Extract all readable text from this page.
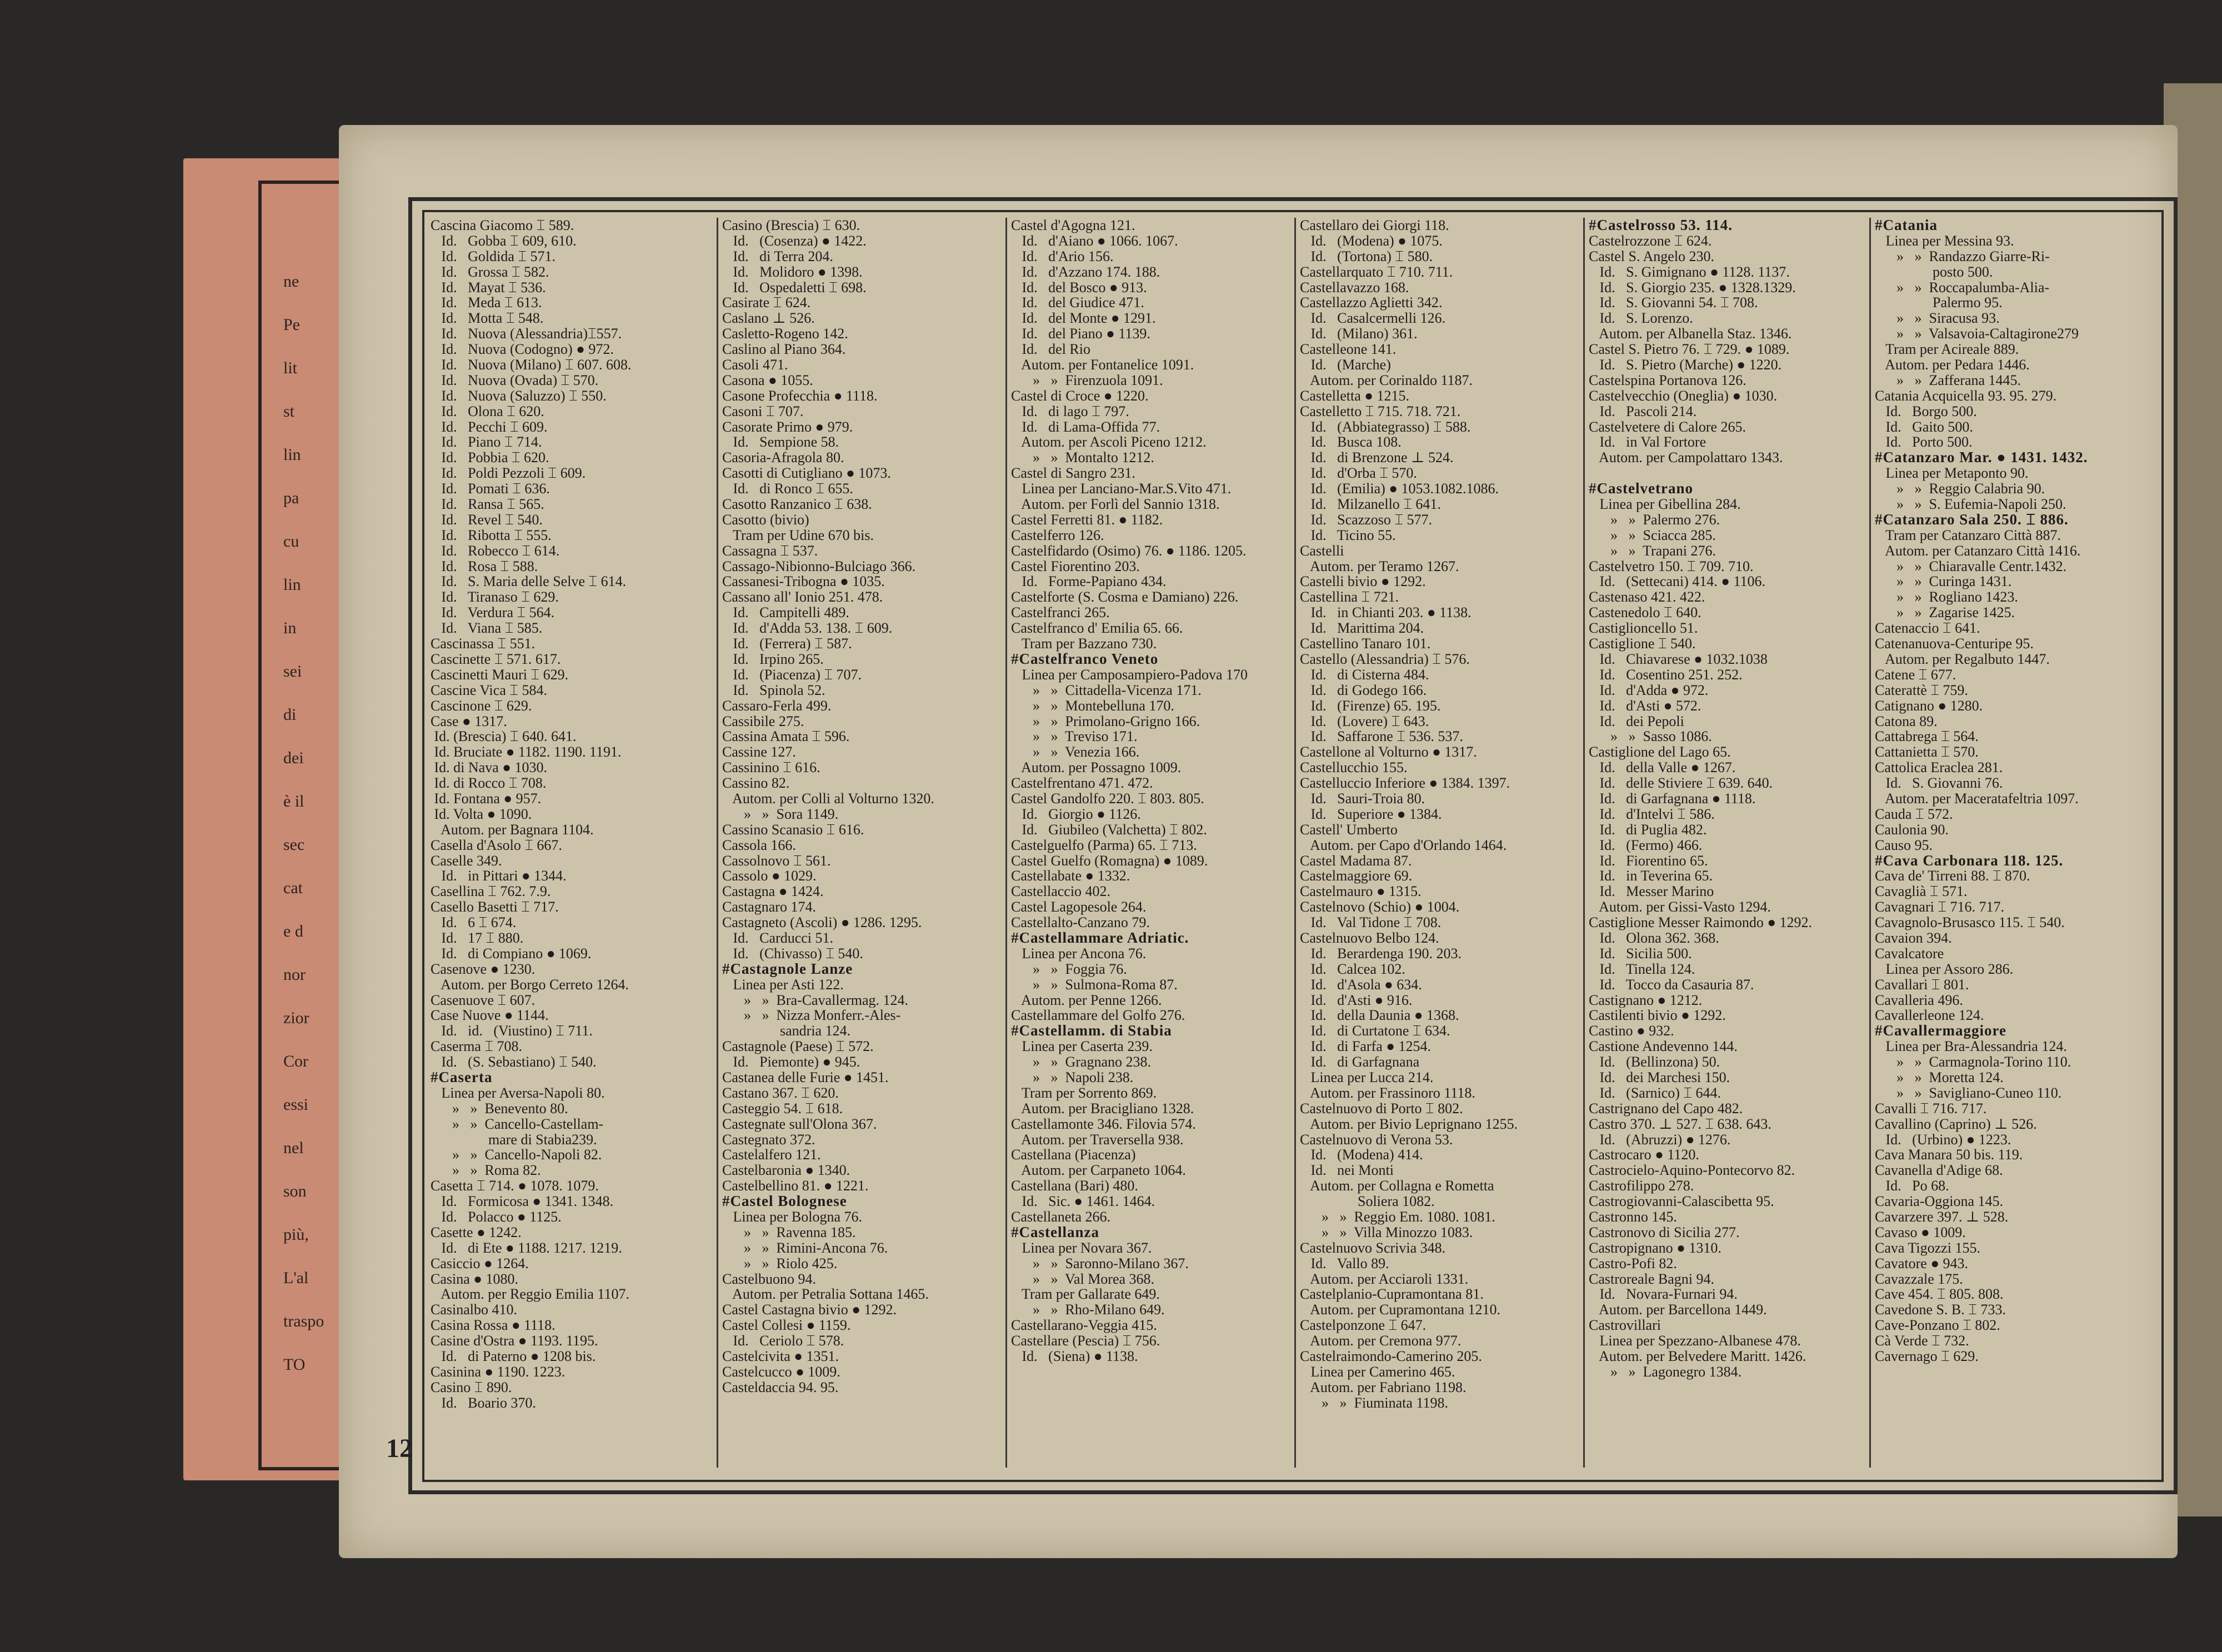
ne
Pe
lit
st
lin
pa
cu
lin
in
sei
di
dei
è il
sec
cat
e d
nor
zior
Cor
essi
nel
son
più,
L'al
traspo
TO
12
Cascina Giacomo ⌶ 589.
Id.   Gobba ⌶ 609, 610.
Id.   Goldida ⌶ 571.
Id.   Grossa ⌶ 582.
Id.   Mayat ⌶ 536.
Id.   Meda ⌶ 613.
Id.   Motta ⌶ 548.
Id.   Nuova (Alessandria)⌶557.
Id.   Nuova (Codogno) ● 972.
Id.   Nuova (Milano) ⌶ 607. 608.
Id.   Nuova (Ovada) ⌶ 570.
Id.   Nuova (Saluzzo) ⌶ 550.
Id.   Olona ⌶ 620.
Id.   Pecchi ⌶ 609.
Id.   Piano ⌶ 714.
Id.   Pobbia ⌶ 620.
Id.   Poldi Pezzoli ⌶ 609.
Id.   Pomati ⌶ 636.
Id.   Ransa ⌶ 565.
Id.   Revel ⌶ 540.
Id.   Ribotta ⌶ 555.
Id.   Robecco ⌶ 614.
Id.   Rosa ⌶ 588.
Id.   S. Maria delle Selve ⌶ 614.
Id.   Tiranaso ⌶ 629.
Id.   Verdura ⌶ 564.
Id.   Viana ⌶ 585.
Cascinassa ⌶ 551.
Cascinette ⌶ 571. 617.
Cascinetti Mauri ⌶ 629.
Cascine Vica ⌶ 584.
Cascinone ⌶ 629.
Case ● 1317.
Id. (Brescia) ⌶ 640. 641.
Id. Bruciate ● 1182. 1190. 1191.
Id. di Nava ● 1030.
Id. di Rocco ⌶ 708.
Id. Fontana ● 957.
Id. Volta ● 1090.
Autom. per Bagnara 1104.
Casella d'Asolo ⌶ 667.
Caselle 349.
Id.   in Pittari ● 1344.
Casellina ⌶ 762. 7.9.
Casello Basetti ⌶ 717.
Id.   6 ⌶ 674.
Id.   17 ⌶ 880.
Id.   di Compiano ● 1069.
Casenove ● 1230.
Autom. per Borgo Cerreto 1264.
Casenuove ⌶ 607.
Case Nuove ● 1144.
Id.   id.   (Viustino) ⌶ 711.
Caserma ⌶ 708.
Id.   (S. Sebastiano) ⌶ 540.
#Caserta
Linea per Aversa-Napoli 80.
»   »  Benevento 80.
»   »  Cancello-Castellam-
mare di Stabia239.
»   »  Cancello-Napoli 82.
»   »  Roma 82.
Casetta ⌶ 714. ● 1078. 1079.
Id.   Formicosa ● 1341. 1348.
Id.   Polacco ● 1125.
Casette ● 1242.
Id.   di Ete ● 1188. 1217. 1219.
Casiccio ● 1264.
Casina ● 1080.
Autom. per Reggio Emilia 1107.
Casinalbo 410.
Casina Rossa ● 1118.
Casine d'Ostra ● 1193. 1195.
Id.   di Paterno ● 1208 bis.
Casinina ● 1190. 1223.
Casino ⌶ 890.
Id.   Boario 370.
Casino (Brescia) ⌶ 630.
Id.   (Cosenza) ● 1422.
Id.   di Terra 204.
Id.   Molidoro ● 1398.
Id.   Ospedaletti ⌶ 698.
Casirate ⌶ 624.
Caslano ⊥ 526.
Casletto-Rogeno 142.
Caslino al Piano 364.
Casoli 471.
Casona ● 1055.
Casone Profecchia ● 1118.
Casoni ⌶ 707.
Casorate Primo ● 979.
Id.   Sempione 58.
Casoria-Afragola 80.
Casotti di Cutigliano ● 1073.
Id.   di Ronco ⌶ 655.
Casotto Ranzanico ⌶ 638.
Casotto (bivio)
Tram per Udine 670 bis.
Cassagna ⌶ 537.
Cassago-Nibionno-Bulciago 366.
Cassanesi-Tribogna ● 1035.
Cassano all' Ionio 251. 478.
Id.   Campitelli 489.
Id.   d'Adda 53. 138. ⌶ 609.
Id.   (Ferrera) ⌶ 587.
Id.   Irpino 265.
Id.   (Piacenza) ⌶ 707.
Id.   Spinola 52.
Cassaro-Ferla 499.
Cassibile 275.
Cassina Amata ⌶ 596.
Cassine 127.
Cassinino ⌶ 616.
Cassino 82.
Autom. per Colli al Volturno 1320.
»   »  Sora 1149.
Cassino Scanasio ⌶ 616.
Cassola 166.
Cassolnovo ⌶ 561.
Cassolo ● 1029.
Castagna ● 1424.
Castagnaro 174.
Castagneto (Ascoli) ● 1286. 1295.
Id.   Carducci 51.
Id.   (Chivasso) ⌶ 540.
#Castagnole Lanze
Linea per Asti 122.
»   »  Bra-Cavallermag. 124.
»   »  Nizza Monferr.-Ales-
sandria 124.
Castagnole (Paese) ⌶ 572.
Id.   Piemonte) ● 945.
Castanea delle Furie ● 1451.
Castano 367. ⌶ 620.
Casteggio 54. ⌶ 618.
Castegnate sull'Olona 367.
Castegnato 372.
Castelalfero 121.
Castelbaronia ● 1340.
Castelbellino 81. ● 1221.
#Castel Bolognese
Linea per Bologna 76.
»   »  Ravenna 185.
»   »  Rimini-Ancona 76.
»   »  Riolo 425.
Castelbuono 94.
Autom. per Petralia Sottana 1465.
Castel Castagna bivio ● 1292.
Castel Collesi ● 1159.
Id.   Ceriolo ⌶ 578.
Castelcivita ● 1351.
Castelcucco ● 1009.
Casteldaccia 94. 95.
Castel d'Agogna 121.
Id.   d'Aiano ● 1066. 1067.
Id.   d'Ario 156.
Id.   d'Azzano 174. 188.
Id.   del Bosco ● 913.
Id.   del Giudice 471.
Id.   del Monte ● 1291.
Id.   del Piano ● 1139.
Id.   del Rio
Autom. per Fontanelice 1091.
»   »  Firenzuola 1091.
Castel di Croce ● 1220.
Id.   di lago ⌶ 797.
Id.   di Lama-Offida 77.
Autom. per Ascoli Piceno 1212.
»   »  Montalto 1212.
Castel di Sangro 231.
Linea per Lanciano-Mar.S.Vito 471.
Autom. per Forlì del Sannio 1318.
Castel Ferretti 81. ● 1182.
Castelferro 126.
Castelfidardo (Osimo) 76. ● 1186. 1205.
Castel Fiorentino 203.
Id.   Forme-Papiano 434.
Castelforte (S. Cosma e Damiano) 226.
Castelfranci 265.
Castelfranco d' Emilia 65. 66.
Tram per Bazzano 730.
#Castelfranco Veneto
Linea per Camposampiero-Padova 170
»   »  Cittadella-Vicenza 171.
»   »  Montebelluna 170.
»   »  Primolano-Grigno 166.
»   »  Treviso 171.
»   »  Venezia 166.
Autom. per Possagno 1009.
Castelfrentano 471. 472.
Castel Gandolfo 220. ⌶ 803. 805.
Id.   Giorgio ● 1126.
Id.   Giubileo (Valchetta) ⌶ 802.
Castelguelfo (Parma) 65. ⌶ 713.
Castel Guelfo (Romagna) ● 1089.
Castellabate ● 1332.
Castellaccio 402.
Castel Lagopesole 264.
Castellalto-Canzano 79.
#Castellammare Adriatic.
Linea per Ancona 76.
»   »  Foggia 76.
»   »  Sulmona-Roma 87.
Autom. per Penne 1266.
Castellammare del Golfo 276.
#Castellamm. di Stabia
Linea per Caserta 239.
»   »  Gragnano 238.
»   »  Napoli 238.
Tram per Sorrento 869.
Autom. per Bracigliano 1328.
Castellamonte 346. Filovia 574.
Autom. per Traversella 938.
Castellana (Piacenza)
Autom. per Carpaneto 1064.
Castellana (Bari) 480.
Id.   Sic. ● 1461. 1464.
Castellaneta 266.
#Castellanza
Linea per Novara 367.
»   »  Saronno-Milano 367.
»   »  Val Morea 368.
Tram per Gallarate 649.
»   »  Rho-Milano 649.
Castellarano-Veggia 415.
Castellare (Pescia) ⌶ 756.
Id.   (Siena) ● 1138.
Castellaro dei Giorgi 118.
Id.   (Modena) ● 1075.
Id.   (Tortona) ⌶ 580.
Castellarquato ⌶ 710. 711.
Castellavazzo 168.
Castellazzo Aglietti 342.
Id.   Casalcermelli 126.
Id.   (Milano) 361.
Castelleone 141.
Id.   (Marche)
Autom. per Corinaldo 1187.
Castelletta ● 1215.
Castelletto ⌶ 715. 718. 721.
Id.   (Abbiategrasso) ⌶ 588.
Id.   Busca 108.
Id.   di Brenzone ⊥ 524.
Id.   d'Orba ⌶ 570.
Id.   (Emilia) ● 1053.1082.1086.
Id.   Milzanello ⌶ 641.
Id.   Scazzoso ⌶ 577.
Id.   Ticino 55.
Castelli
Autom. per Teramo 1267.
Castelli bivio ● 1292.
Castellina ⌶ 721.
Id.   in Chianti 203. ● 1138.
Id.   Marittima 204.
Castellino Tanaro 101.
Castello (Alessandria) ⌶ 576.
Id.   di Cisterna 484.
Id.   di Godego 166.
Id.   (Firenze) 65. 195.
Id.   (Lovere) ⌶ 643.
Id.   Saffarone ⌶ 536. 537.
Castellone al Volturno ● 1317.
Castellucchio 155.
Castelluccio Inferiore ● 1384. 1397.
Id.   Sauri-Troia 80.
Id.   Superiore ● 1384.
Castell' Umberto
Autom. per Capo d'Orlando 1464.
Castel Madama 87.
Castelmaggiore 69.
Castelmauro ● 1315.
Castelnovo (Schio) ● 1004.
Id.   Val Tidone ⌶ 708.
Castelnuovo Belbo 124.
Id.   Berardenga 190. 203.
Id.   Calcea 102.
Id.   d'Asola ● 634.
Id.   d'Asti ● 916.
Id.   della Daunia ● 1368.
Id.   di Curtatone ⌶ 634.
Id.   di Farfa ● 1254.
Id.   di Garfagnana
Linea per Lucca 214.
Autom. per Frassinoro 1118.
Castelnuovo di Porto ⌶ 802.
Autom. per Bivio Leprignano 1255.
Castelnuovo di Verona 53.
Id.   (Modena) 414.
Id.   nei Monti
Autom. per Collagna e Rometta
Soliera 1082.
»   »  Reggio Em. 1080. 1081.
»   »  Villa Minozzo 1083.
Castelnuovo Scrivia 348.
Id.   Vallo 89.
Autom. per Acciaroli 1331.
Castelplanio-Cupramontana 81.
Autom. per Cupramontana 1210.
Castelponzone ⌶ 647.
Autom. per Cremona 977.
Castelraimondo-Camerino 205.
Linea per Camerino 465.
Autom. per Fabriano 1198.
»   »  Fiuminata 1198.
#Castelrosso 53. 114.
Castelrozzone ⌶ 624.
Castel S. Angelo 230.
Id.   S. Gimignano ● 1128. 1137.
Id.   S. Giorgio 235. ● 1328.1329.
Id.   S. Giovanni 54. ⌶ 708.
Id.   S. Lorenzo.
Autom. per Albanella Staz. 1346.
Castel S. Pietro 76. ⌶ 729. ● 1089.
Id.   S. Pietro (Marche) ● 1220.
Castelspina Portanova 126.
Castelvecchio (Oneglia) ● 1030.
Id.   Pascoli 214.
Castelvetere di Calore 265.
Id.   in Val Fortore
Autom. per Campolattaro 1343.
#Castelvetrano
Linea per Gibellina 284.
»   »  Palermo 276.
»   »  Sciacca 285.
»   »  Trapani 276.
Castelvetro 150. ⌶ 709. 710.
Id.   (Settecani) 414. ● 1106.
Castenaso 421. 422.
Castenedolo ⌶ 640.
Castiglioncello 51.
Castiglione ⌶ 540.
Id.   Chiavarese ● 1032.1038
Id.   Cosentino 251. 252.
Id.   d'Adda ● 972.
Id.   d'Asti ● 572.
Id.   dei Pepoli
»   »  Sasso 1086.
Castiglione del Lago 65.
Id.   della Valle ● 1267.
Id.   delle Stiviere ⌶ 639. 640.
Id.   di Garfagnana ● 1118.
Id.   d'Intelvi ⌶ 586.
Id.   di Puglia 482.
Id.   (Fermo) 466.
Id.   Fiorentino 65.
Id.   in Teverina 65.
Id.   Messer Marino
Autom. per Gissi-Vasto 1294.
Castiglione Messer Raimondo ● 1292.
Id.   Olona 362. 368.
Id.   Sicilia 500.
Id.   Tinella 124.
Id.   Tocco da Casauria 87.
Castignano ● 1212.
Castilenti bivio ● 1292.
Castino ● 932.
Castione Andevenno 144.
Id.   (Bellinzona) 50.
Id.   dei Marchesi 150.
Id.   (Sarnico) ⌶ 644.
Castrignano del Capo 482.
Castro 370. ⊥ 527. ⌶ 638. 643.
Id.   (Abruzzi) ● 1276.
Castrocaro ● 1120.
Castrocielo-Aquino-Pontecorvo 82.
Castrofilippo 278.
Castrogiovanni-Calascibetta 95.
Castronno 145.
Castronovo di Sicilia 277.
Castropignano ● 1310.
Castro-Pofi 82.
Castroreale Bagni 94.
Id.   Novara-Furnari 94.
Autom. per Barcellona 1449.
Castrovillari
Linea per Spezzano-Albanese 478.
Autom. per Belvedere Maritt. 1426.
»   »  Lagonegro 1384.
#Catania
Linea per Messina 93.
»   »  Randazzo Giarre-Ri-
posto 500.
»   »  Roccapalumba-Alia-
Palermo 95.
»   »  Siracusa 93.
»   »  Valsavoia-Caltagirone279
Tram per Acireale 889.
Autom. per Pedara 1446.
»   »  Zafferana 1445.
Catania Acquicella 93. 95. 279.
Id.   Borgo 500.
Id.   Gaito 500.
Id.   Porto 500.
#Catanzaro Mar. ● 1431. 1432.
Linea per Metaponto 90.
»   »  Reggio Calabria 90.
»   »  S. Eufemia-Napoli 250.
#Catanzaro Sala 250. ⌶ 886.
Tram per Catanzaro Città 887.
Autom. per Catanzaro Città 1416.
»   »  Chiaravalle Centr.1432.
»   »  Curinga 1431.
»   »  Rogliano 1423.
»   »  Zagarise 1425.
Catenaccio ⌶ 641.
Catenanuova-Centuripe 95.
Autom. per Regalbuto 1447.
Catene ⌶ 677.
Caterattè ⌶ 759.
Catignano ● 1280.
Catona 89.
Cattabrega ⌶ 564.
Cattanietta ⌶ 570.
Cattolica Eraclea 281.
Id.   S. Giovanni 76.
Autom. per Maceratafeltria 1097.
Cauda ⌶ 572.
Caulonia 90.
Causo 95.
#Cava Carbonara 118. 125.
Cava de' Tirreni 88. ⌶ 870.
Cavaglià ⌶ 571.
Cavagnari ⌶ 716. 717.
Cavagnolo-Brusasco 115. ⌶ 540.
Cavaion 394.
Cavalcatore
Linea per Assoro 286.
Cavallari ⌶ 801.
Cavalleria 496.
Cavallerleone 124.
#Cavallermaggiore
Linea per Bra-Alessandria 124.
»   »  Carmagnola-Torino 110.
»   »  Moretta 124.
»   »  Savigliano-Cuneo 110.
Cavalli ⌶ 716. 717.
Cavallino (Caprino) ⊥ 526.
Id.   (Urbino) ● 1223.
Cava Manara 50 bis. 119.
Cavanella d'Adige 68.
Id.   Po 68.
Cavaria-Oggiona 145.
Cavarzere 397. ⊥ 528.
Cavaso ● 1009.
Cava Tigozzi 155.
Cavatore ● 943.
Cavazzale 175.
Cave 454. ⌶ 805. 808.
Cavedone S. B. ⌶ 733.
Cave-Ponzano ⌶ 802.
Cà Verde ⌶ 732.
Cavernago ⌶ 629.
